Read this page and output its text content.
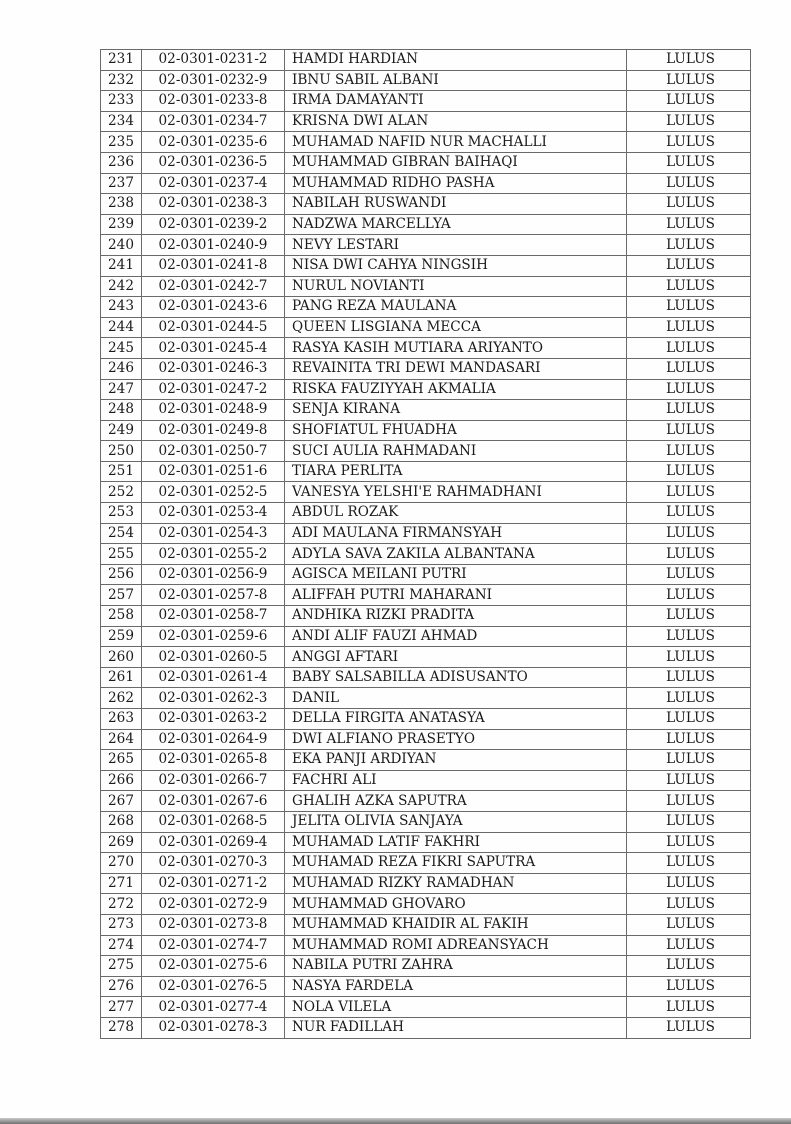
231	02-0301-0231-2	HAMDI HARDIAN	LULUS
232	02-0301-0232-9	IBNU SABIL ALBANI	LULUS
233	02-0301-0233-8	IRMA DAMAYANTI	LULUS
234	02-0301-0234-7	KRISNA DWI ALAN	LULUS
235	02-0301-0235-6	MUHAMAD NAFID NUR MACHALLI	LULUS
236	02-0301-0236-5	MUHAMMAD GIBRAN BAIHAQI	LULUS
237	02-0301-0237-4	MUHAMMAD RIDHO PASHA	LULUS
238	02-0301-0238-3	NABILAH RUSWANDI	LULUS
239	02-0301-0239-2	NADZWA MARCELLYA	LULUS
240	02-0301-0240-9	NEVY LESTARI	LULUS
241	02-0301-0241-8	NISA DWI CAHYA NINGSIH	LULUS
242	02-0301-0242-7	NURUL NOVIANTI	LULUS
243	02-0301-0243-6	PANG REZA MAULANA	LULUS
244	02-0301-0244-5	QUEEN LISGIANA MECCA	LULUS
245	02-0301-0245-4	RASYA KASIH MUTIARA ARIYANTO	LULUS
246	02-0301-0246-3	REVAINITA TRI DEWI MANDASARI	LULUS
247	02-0301-0247-2	RISKA FAUZIYYAH AKMALIA	LULUS
248	02-0301-0248-9	SENJA KIRANA	LULUS
249	02-0301-0249-8	SHOFIATUL FHUADHA	LULUS
250	02-0301-0250-7	SUCI AULIA RAHMADANI	LULUS
251	02-0301-0251-6	TIARA PERLITA	LULUS
252	02-0301-0252-5	VANESYA YELSHI'E RAHMADHANI	LULUS
253	02-0301-0253-4	ABDUL ROZAK	LULUS
254	02-0301-0254-3	ADI MAULANA FIRMANSYAH	LULUS
255	02-0301-0255-2	ADYLA SAVA ZAKILA ALBANTANA	LULUS
256	02-0301-0256-9	AGISCA MEILANI PUTRI	LULUS
257	02-0301-0257-8	ALIFFAH PUTRI MAHARANI	LULUS
258	02-0301-0258-7	ANDHIKA RIZKI PRADITA	LULUS
259	02-0301-0259-6	ANDI ALIF FAUZI AHMAD	LULUS
260	02-0301-0260-5	ANGGI AFTARI	LULUS
261	02-0301-0261-4	BABY SALSABILLA ADISUSANTO	LULUS
262	02-0301-0262-3	DANIL	LULUS
263	02-0301-0263-2	DELLA FIRGITA ANATASYA	LULUS
264	02-0301-0264-9	DWI ALFIANO PRASETYO	LULUS
265	02-0301-0265-8	EKA PANJI ARDIYAN	LULUS
266	02-0301-0266-7	FACHRI ALI	LULUS
267	02-0301-0267-6	GHALIH AZKA SAPUTRA	LULUS
268	02-0301-0268-5	JELITA OLIVIA SANJAYA	LULUS
269	02-0301-0269-4	MUHAMAD LATIF FAKHRI	LULUS
270	02-0301-0270-3	MUHAMAD REZA FIKRI SAPUTRA	LULUS
271	02-0301-0271-2	MUHAMAD RIZKY RAMADHAN	LULUS
272	02-0301-0272-9	MUHAMMAD GHOVARO	LULUS
273	02-0301-0273-8	MUHAMMAD KHAIDIR AL FAKIH	LULUS
274	02-0301-0274-7	MUHAMMAD ROMI ADREANSYACH	LULUS
275	02-0301-0275-6	NABILA PUTRI ZAHRA	LULUS
276	02-0301-0276-5	NASYA FARDELA	LULUS
277	02-0301-0277-4	NOLA VILELA	LULUS
278	02-0301-0278-3	NUR FADILLAH	LULUS
